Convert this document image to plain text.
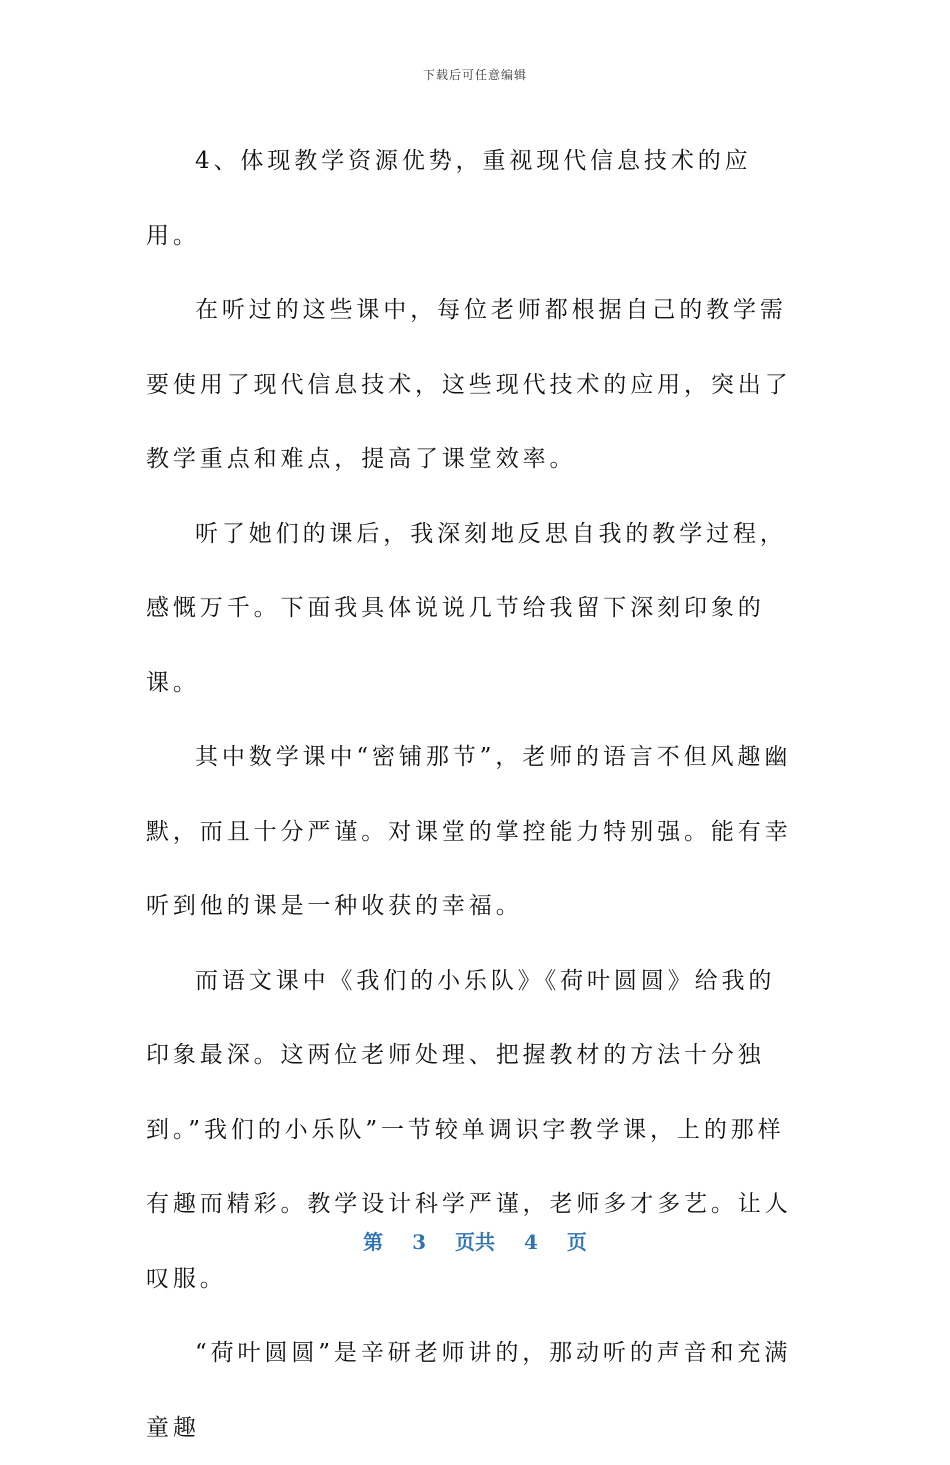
下载后可任意编辑

4、体现教学资源优势，重视现代信息技术的应用。

在听过的这些课中，每位老师都根据自己的教学需要使用了现代信息技术，这些现代技术的应用，突出了教学重点和难点，提高了课堂效率。

听了她们的课后，我深刻地反思自我的教学过程，感慨万千。下面我具体说说几节给我留下深刻印象的课。

其中数学课中“密铺那节”，老师的语言不但风趣幽默，而且十分严谨。对课堂的掌控能力特别强。能有幸听到他的课是一种收获的幸福。

而语文课中《我们的小乐队》《荷叶圆圆》给我的印象最深。这两位老师处理、把握教材的方法十分独到。”我们的小乐队”一节较单调识字教学课，上的那样有趣而精彩。教学设计科学严谨，老师多才多艺。让人叹服。

“荷叶圆圆”是辛研老师讲的，那动听的声音和充满童趣

第 3 页共 4 页
